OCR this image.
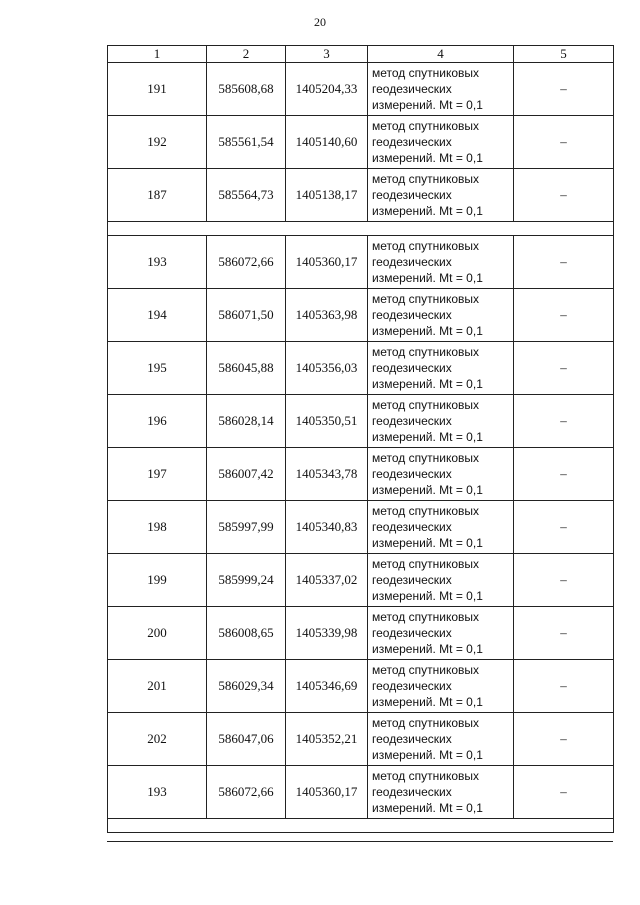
20
1	2	3	4	5
191	585608,68	1405204,33	метод спутниковых
геодезических
измерений. Mt = 0,1	–
192	585561,54	1405140,60	метод спутниковых
геодезических
измерений. Mt = 0,1	–
187	585564,73	1405138,17	метод спутниковых
геодезических
измерений. Mt = 0,1	–

193	586072,66	1405360,17	метод спутниковых
геодезических
измерений. Mt = 0,1	–
194	586071,50	1405363,98	метод спутниковых
геодезических
измерений. Mt = 0,1	–
195	586045,88	1405356,03	метод спутниковых
геодезических
измерений. Mt = 0,1	–
196	586028,14	1405350,51	метод спутниковых
геодезических
измерений. Mt = 0,1	–
197	586007,42	1405343,78	метод спутниковых
геодезических
измерений. Mt = 0,1	–
198	585997,99	1405340,83	метод спутниковых
геодезических
измерений. Mt = 0,1	–
199	585999,24	1405337,02	метод спутниковых
геодезических
измерений. Mt = 0,1	–
200	586008,65	1405339,98	метод спутниковых
геодезических
измерений. Mt = 0,1	–
201	586029,34	1405346,69	метод спутниковых
геодезических
измерений. Mt = 0,1	–
202	586047,06	1405352,21	метод спутниковых
геодезических
измерений. Mt = 0,1	–
193	586072,66	1405360,17	метод спутниковых
геодезических
измерений. Mt = 0,1	–
